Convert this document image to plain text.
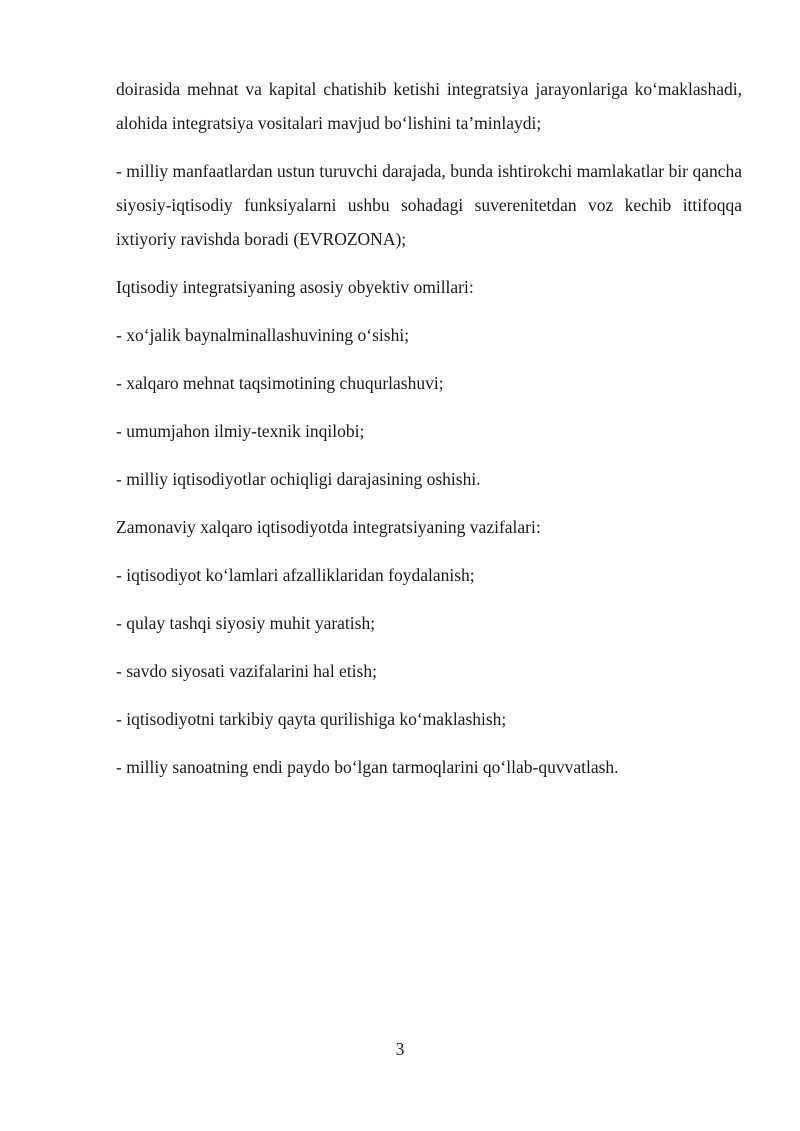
doirasida mehnat va kapital chatishib ketishi integratsiya jarayonlariga koʻmaklashadi, alohida integratsiya vositalari mavjud boʻlishini taʼminlaydi;

- milliy manfaatlardan ustun turuvchi darajada, bunda ishtirokchi mamlakatlar bir qancha siyosiy-iqtisodiy funksiyalarni ushbu sohadagi suverenitetdan voz kechib ittifoqqa ixtiyoriy ravishda boradi (EVROZONA);

Iqtisodiy integratsiyaning asosiy obyektiv omillari:

- xoʻjalik baynalminallashuvining oʻsishi;

- xalqaro mehnat taqsimotining chuqurlashuvi;

- umumjahon ilmiy-texnik inqilobi;

- milliy iqtisodiyotlar ochiqligi darajasining oshishi.

Zamonaviy xalqaro iqtisodiyotda integratsiyaning vazifalari:

- iqtisodiyot koʻlamlari afzalliklaridan foydalanish;

- qulay tashqi siyosiy muhit yaratish;

- savdo siyosati vazifalarini hal etish;

- iqtisodiyotni tarkibiy qayta qurilishiga koʻmaklashish;

- milliy sanoatning endi paydo boʻlgan tarmoqlarini qoʻllab-quvvatlash.

3
